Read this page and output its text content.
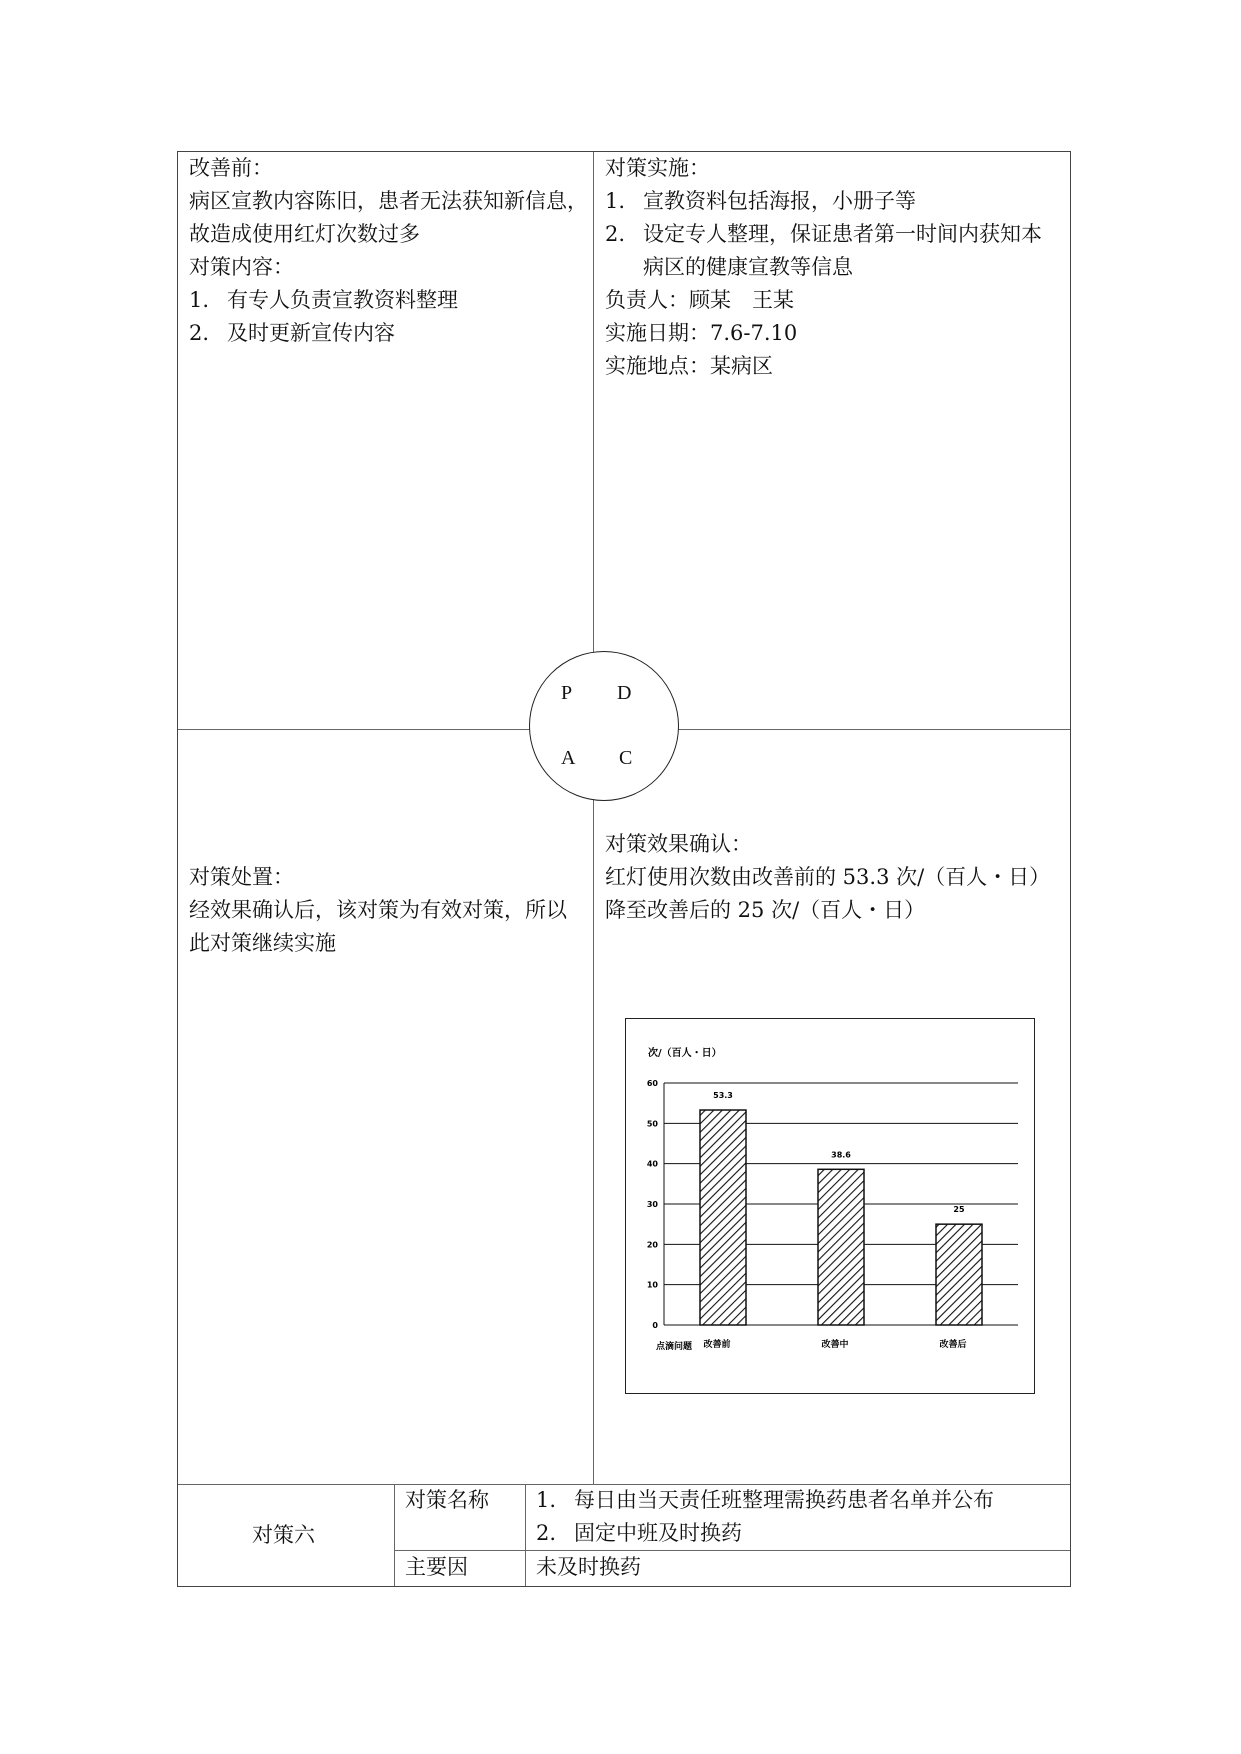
改善前：
病区宣教内容陈旧，患者无法获知新信息，
故造成使用红灯次数过多
对策内容：
1. 有专人负责宣教资料整理
2. 及时更新宣传内容
对策实施：
1. 宣教资料包括海报，小册子等
2. 设定专人整理，保证患者第一时间内获知本
病区的健康宣教等信息
负责人：顾某　王某
实施日期：7.6-7.10
实施地点：某病区
P D
A C
对策处置：
经效果确认后，该对策为有效对策，所以
此对策继续实施
对策效果确认：
红灯使用次数由改善前的 53.3 次/（百人・日）
降至改善后的 25 次/（百人・日）
次/（百人・日）
0
10
20
30
40
50
60
53.3
改善前
38.6
改善中
25
改善后
点滴问题
对策六
对策名称 1. 每日由当天责任班整理需换药患者名单并公布
2. 固定中班及时换药
主要因	未及时换药
